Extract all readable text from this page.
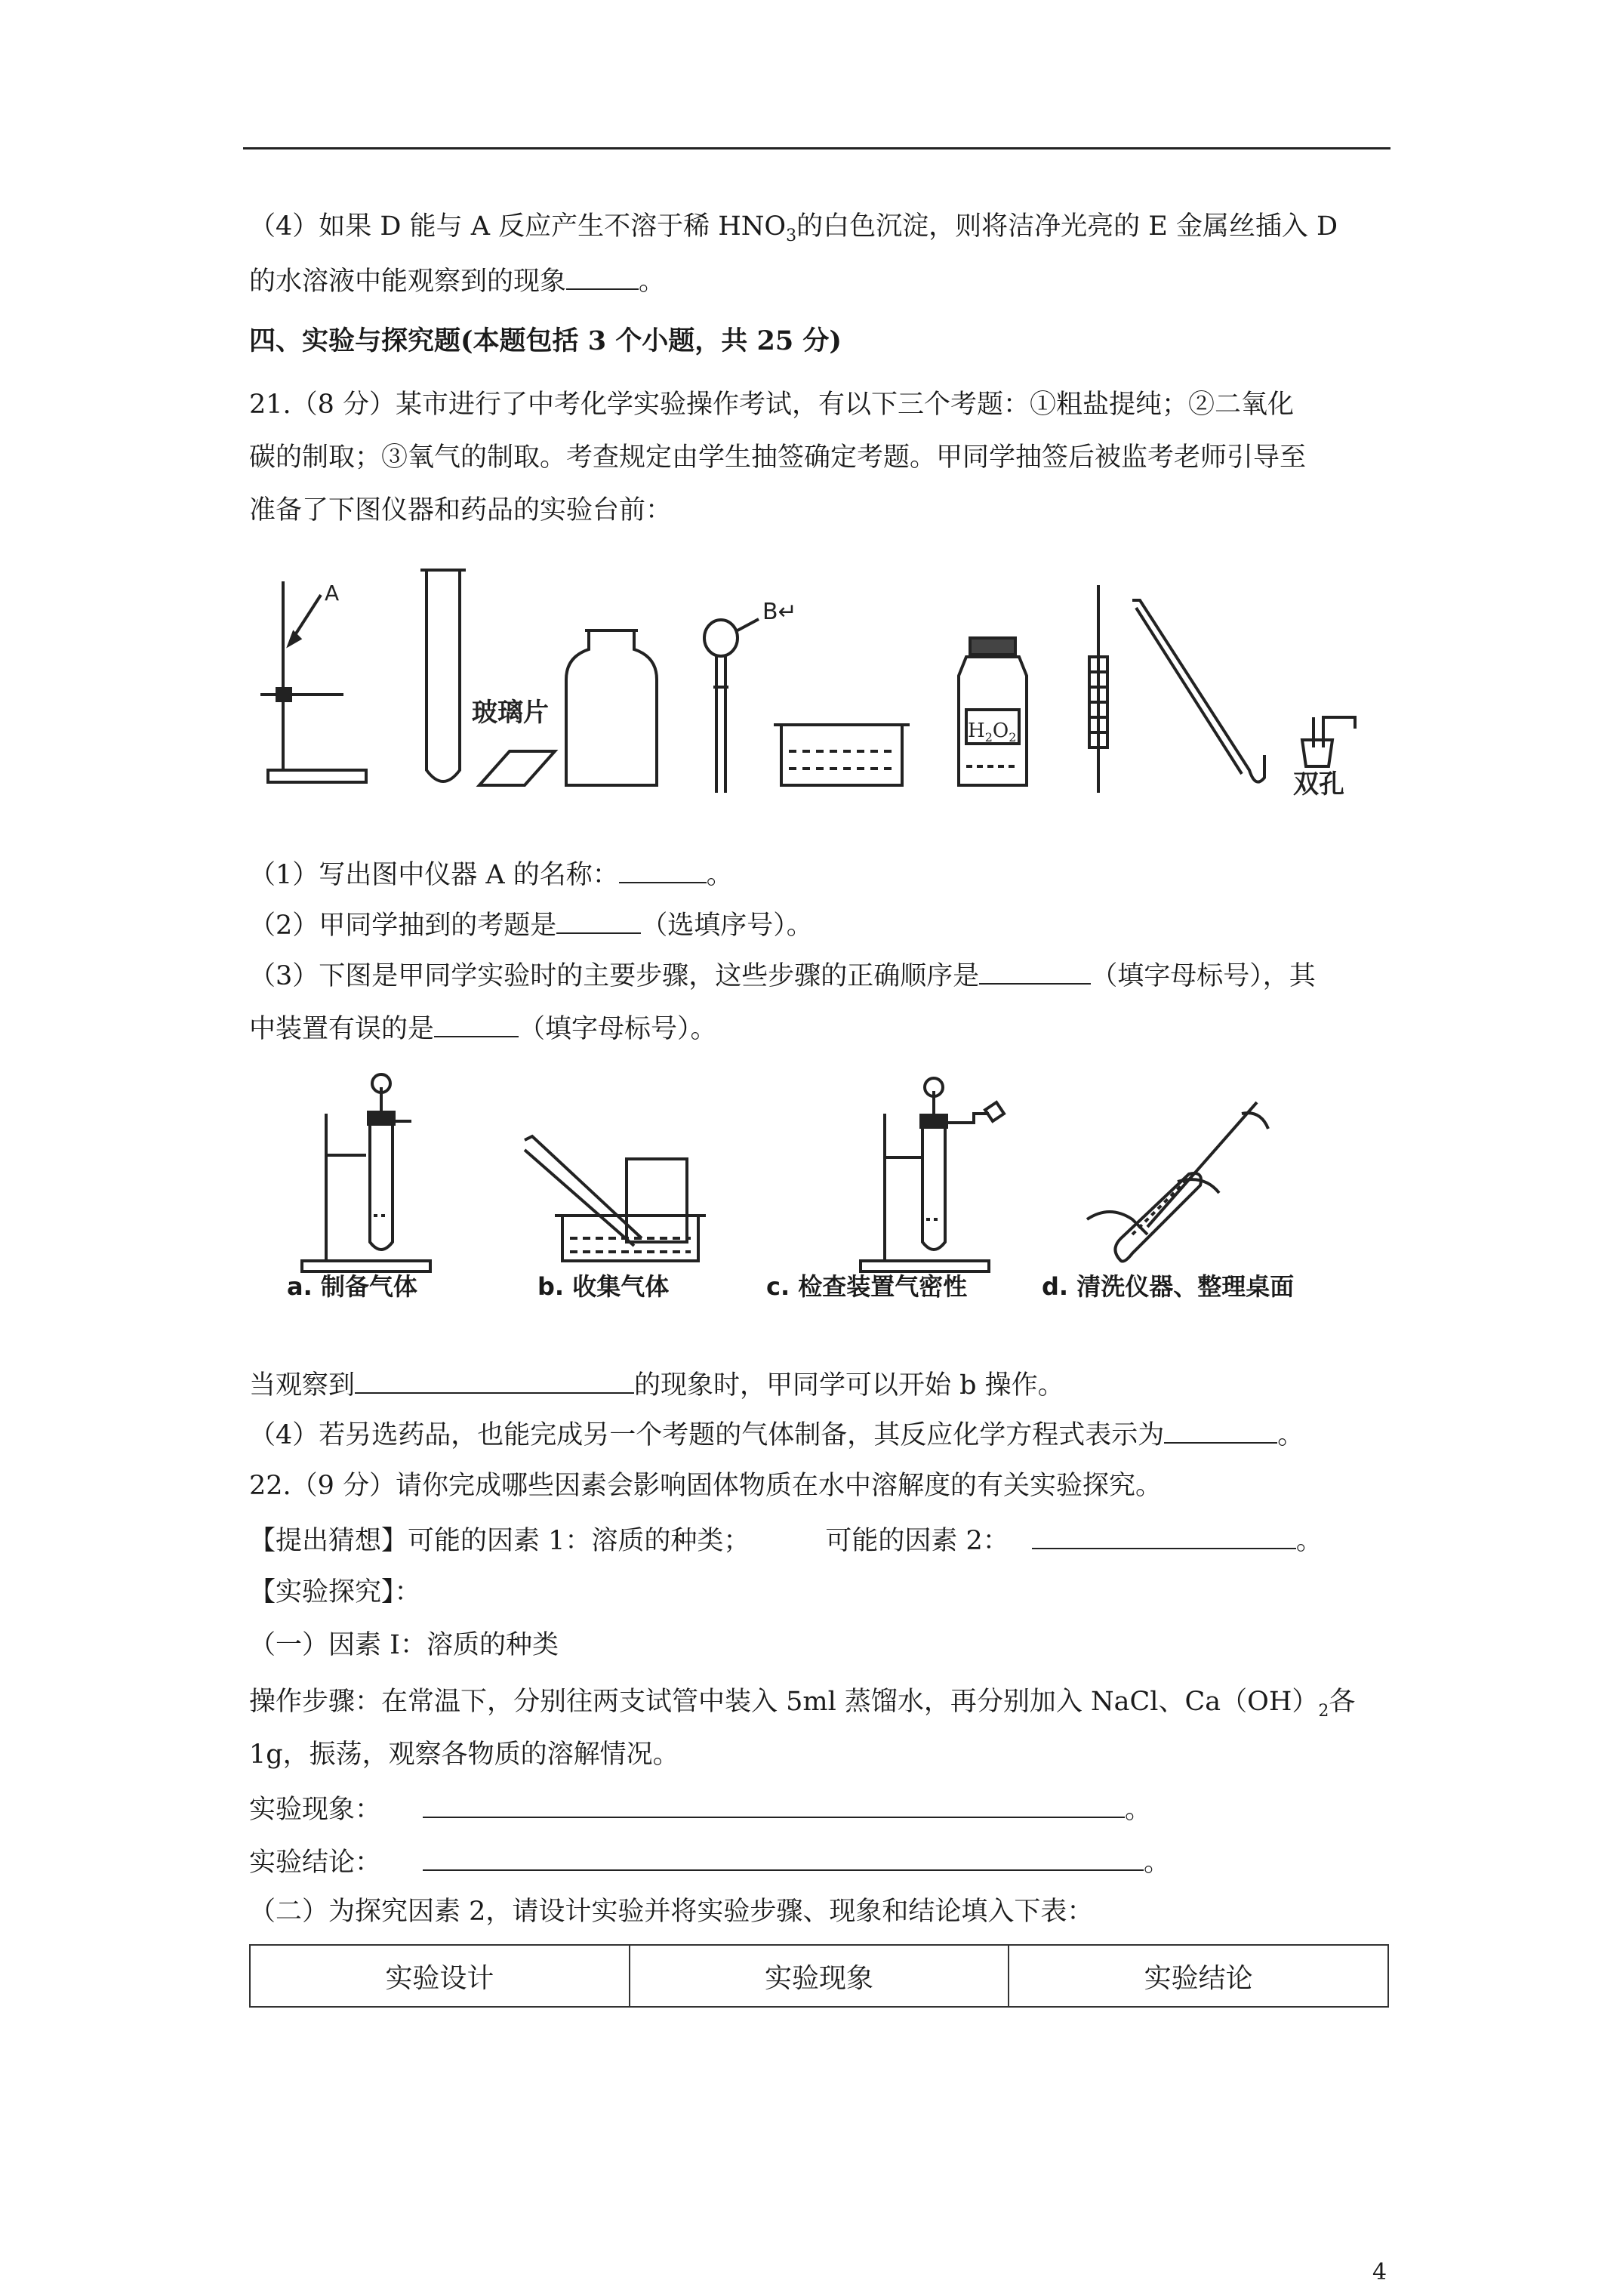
（4）如果 D 能与 A 反应产生不溶于稀 $HNO_3$的白色沉淀，则将洁净光亮的 E 金属丝插入 D
的水溶液中能观察到的现象	。
四、实验与探究题(本题包括 3 个小题，共 25 分)
21.（8 分）某市进行了中考化学实验操作考试，有以下三个考题：①粗盐提纯；②二氧化
碳的制取；③氧气的制取。考查规定由学生抽签确定考题。甲同学抽签后被监考老师引导至
准备了下图仪器和药品的实验台前：
A
玻璃片
B↵
$H_2O_2$
双孔
（1）写出图中仪器 A 的名称：	。
（2）甲同学抽到的考题是	（选填序号）。
（3）下图是甲同学实验时的主要步骤，这些步骤的正确顺序是	（填字母标号），其
中装置有误的是	（填字母标号）。
a. 制备气体	b. 收集气体	c. 检查装置气密性	d. 清洗仪器、整理桌面
当观察到	的现象时，甲同学可以开始 b 操作。
（4）若另选药品，也能完成另一个考题的气体制备，其反应化学方程式表示为	。
22.（9 分）请你完成哪些因素会影响固体物质在水中溶解度的有关实验探究。
【提出猜想】可能的因素 1：溶质的种类；	可能的因素 2：	。
【实验探究】：
（一）因素 I：溶质的种类
操作步骤：在常温下，分别往两支试管中装入 5ml 蒸馏水，再分别加入 NaCl、$Ca(OH)_2$各
1g，振荡，观察各物质的溶解情况。
实验现象：	。
实验结论：	。
（二）为探究因素 2，请设计实验并将实验步骤、现象和结论填入下表：
实验设计	实验现象	实验结论
4
